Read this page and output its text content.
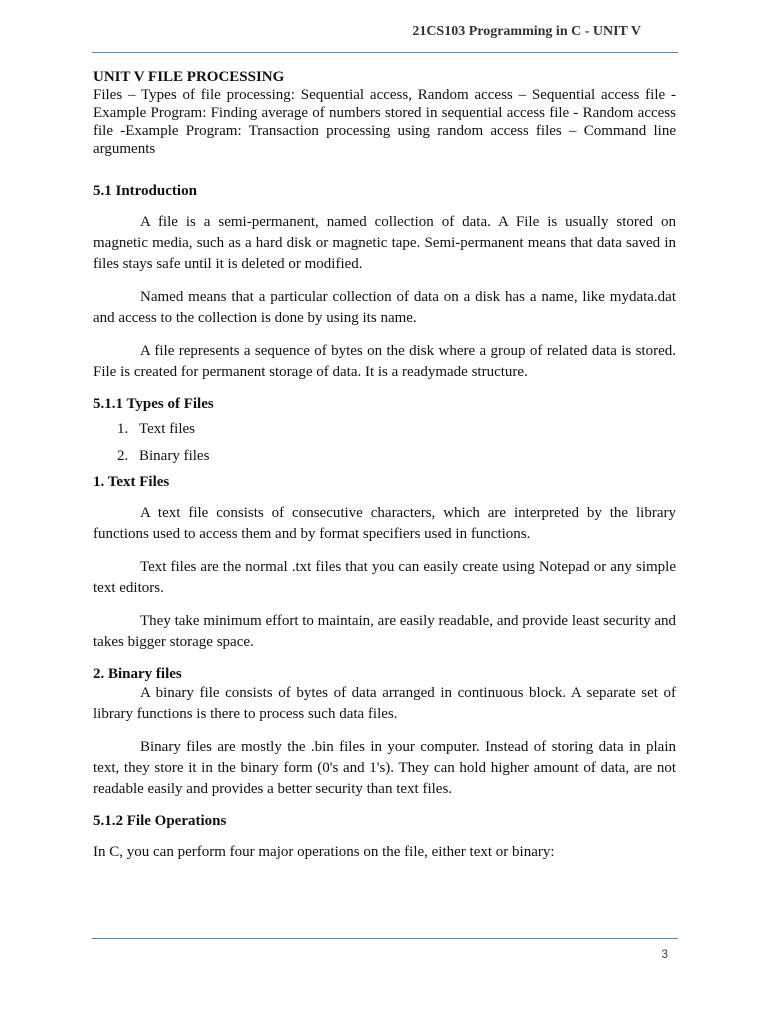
21CS103 Programming in C - UNIT V

UNIT V FILE PROCESSING

Files – Types of file processing: Sequential access, Random access – Sequential access file - Example Program: Finding average of numbers stored in sequential access file - Random access file -Example Program: Transaction processing using random access files – Command line arguments

5.1 Introduction

A file is a semi-permanent, named collection of data. A File is usually stored on magnetic media, such as a hard disk or magnetic tape. Semi-permanent means that data saved in files stays safe until it is deleted or modified.

Named means that a particular collection of data on a disk has a name, like mydata.dat and access to the collection is done by using its name.

A file represents a sequence of bytes on the disk where a group of related data is stored. File is created for permanent storage of data. It is a readymade structure.

5.1.1 Types of Files
1. Text files
2. Binary files
1. Text Files

A text file consists of consecutive characters, which are interpreted by the library functions used to access them and by format specifiers used in functions.

Text files are the normal .txt files that you can easily create using Notepad or any simple text editors.

They take minimum effort to maintain, are easily readable, and provide least security and takes bigger storage space.

2. Binary files

A binary file consists of bytes of data arranged in continuous block. A separate set of library functions is there to process such data files.

Binary files are mostly the .bin files in your computer. Instead of storing data in plain text, they store it in the binary form (0's and 1's). They can hold higher amount of data, are not readable easily and provides a better security than text files.

5.1.2 File Operations

In C, you can perform four major operations on the file, either text or binary:

3
